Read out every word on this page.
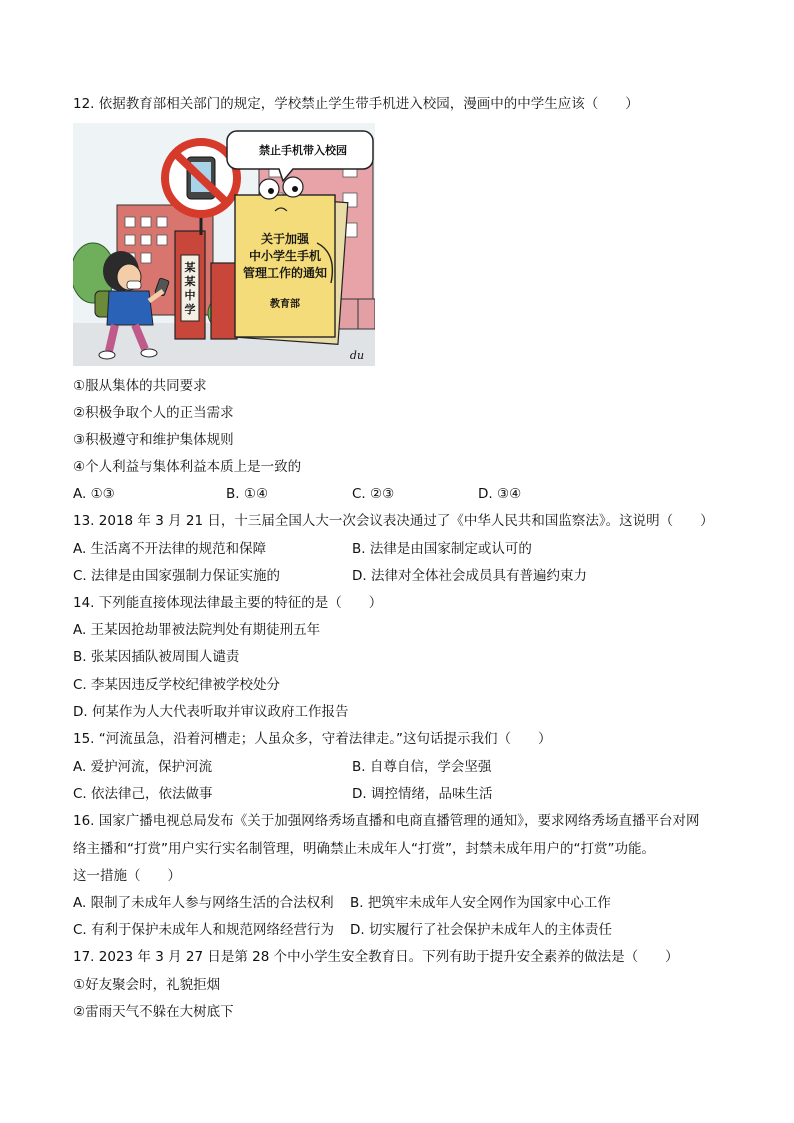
12. 依据教育部相关部门的规定，学校禁止学生带手机进入校园，漫画中的中学生应该（　　）
某
某
中
学
禁止手机带入校园
关于加强
中小学生手机
管理工作的通知
教育部
du
①服从集体的共同要求
②积极争取个人的正当需求
③积极遵守和维护集体规则
④个人利益与集体利益本质上是一致的
A. ①③	B. ①④	C. ②③	D. ③④
13. 2018 年 3 月 21 日，十三届全国人大一次会议表决通过了《中华人民共和国监察法》。这说明（　　）
A. 生活离不开法律的规范和保障	B. 法律是由国家制定或认可的
C. 法律是由国家强制力保证实施的	D. 法律对全体社会成员具有普遍约束力
14. 下列能直接体现法律最主要的特征的是（　　）
A. 王某因抢劫罪被法院判处有期徒刑五年
B. 张某因插队被周围人谴责
C. 李某因违反学校纪律被学校处分
D. 何某作为人大代表听取并审议政府工作报告
15. “河流虽急，沿着河槽走；人虽众多，守着法律走。”这句话提示我们（　　）
A. 爱护河流，保护河流	B. 自尊自信，学会坚强
C. 依法律己，依法做事	D. 调控情绪，品味生活
16. 国家广播电视总局发布《关于加强网络秀场直播和电商直播管理的通知》，要求网络秀场直播平台对网
络主播和“打赏”用户实行实名制管理，明确禁止未成年人“打赏”，封禁未成年用户的“打赏”功能。
这一措施（　　）
A. 限制了未成年人参与网络生活的合法权利 B. 把筑牢未成年人安全网作为国家中心工作
C. 有利于保护未成年人和规范网络经营行为 D. 切实履行了社会保护未成年人的主体责任
17. 2023 年 3 月 27 日是第 28 个中小学生安全教育日。下列有助于提升安全素养的做法是（　　）
①好友聚会时，礼貌拒烟
②雷雨天气不躲在大树底下
